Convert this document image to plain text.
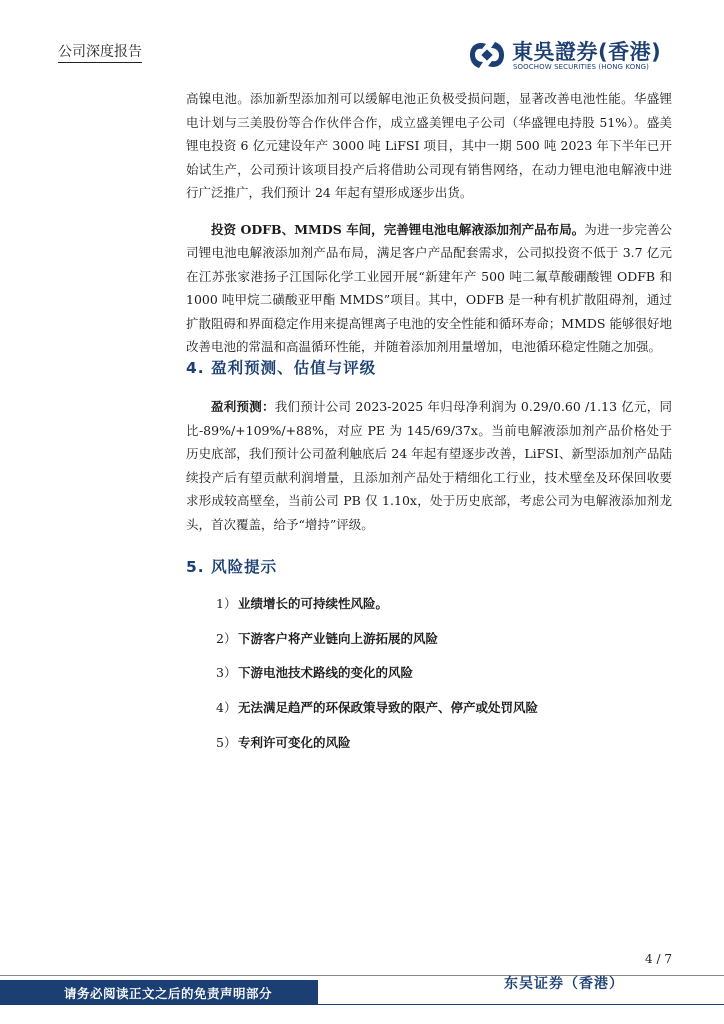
公司深度报告	東吳證券(香港)
SOOCHOW SECURITIES (HONG KONG)

高镍电池。添加新型添加剂可以缓解电池正负极受损问题，显著改善电池性能。华盛锂电计划与三美股份等合作伙伴合作，成立盛美锂电子公司（华盛锂电持股 51%）。盛美锂电投资 6 亿元建设年产 3000 吨 LiFSI 项目，其中一期 500 吨 2023 年下半年已开始试生产，公司预计该项目投产后将借助公司现有销售网络，在动力锂电池电解液中进行广泛推广，我们预计 24 年起有望形成逐步出货。

投资 ODFB、MMDS 车间，完善锂电池电解液添加剂产品布局。为进一步完善公司锂电池电解液添加剂产品布局，满足客户产品配套需求，公司拟投资不低于 3.7 亿元在江苏张家港扬子江国际化学工业园开展“新建年产 500 吨二氟草酸硼酸锂 ODFB 和 1000 吨甲烷二磺酸亚甲酯 MMDS”项目。其中，ODFB 是一种有机扩散阻碍剂，通过扩散阻碍和界面稳定作用来提高锂离子电池的安全性能和循环寿命；MMDS 能够很好地改善电池的常温和高温循环性能，并随着添加剂用量增加，电池循环稳定性随之加强。

4. 盈利预测、估值与评级

盈利预测：我们预计公司 2023-2025 年归母净利润为 0.29/0.60 /1.13 亿元，同比-89%/+109%/+88%，对应 PE 为 145/69/37x。当前电解液添加剂产品价格处于历史底部，我们预计公司盈利触底后 24 年起有望逐步改善，LiFSI、新型添加剂产品陆续投产后有望贡献利润增量，且添加剂产品处于精细化工行业，技术壁垒及环保回收要求形成较高壁垒，当前公司 PB 仅 1.10x，处于历史底部，考虑公司为电解液添加剂龙头，首次覆盖，给予“增持”评级。

5. 风险提示
1） 业绩增长的可持续性风险。
2） 下游客户将产业链向上游拓展的风险
3） 下游电池技术路线的变化的风险
4） 无法满足趋严的环保政策导致的限产、停产或处罚风险
5） 专利许可变化的风险
4 / 7
东吴证券（香港）
请务必阅读正文之后的免责声明部分
